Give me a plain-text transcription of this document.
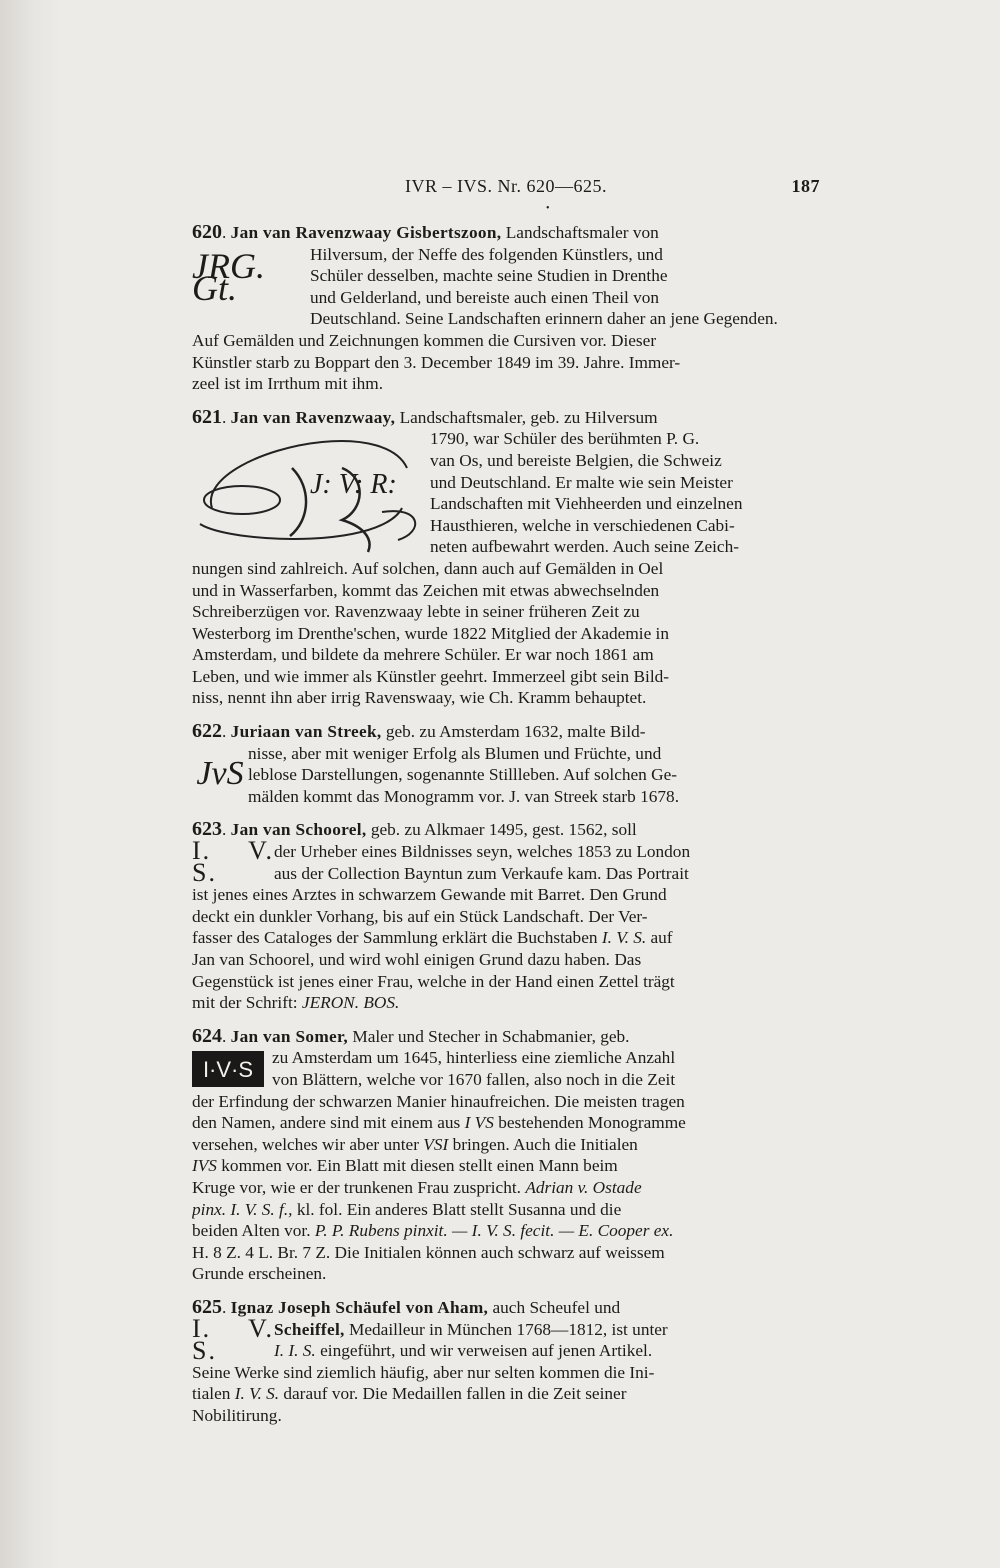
IVR – IVS. Nr. 620—625.	187
•
620. Jan van Ravenzwaay Gisbertszoon, Landschaftsmaler von
JRG. Gt.
Hilversum, der Neffe des folgenden Künstlers, und
Schüler desselben, machte seine Studien in Drenthe
und Gelderland, und bereiste auch einen Theil von
Deutschland. Seine Landschaften erinnern daher an jene Gegenden.
Auf Gemälden und Zeichnungen kommen die Cursiven vor. Dieser
Künstler starb zu Boppart den 3. December 1849 im 39. Jahre. Immer-
zeel ist im Irrthum mit ihm.
621. Jan van Ravenzwaay, Landschaftsmaler, geb. zu Hilversum
J: V: R:
1790, war Schüler des berühmten P. G.
van Os, und bereiste Belgien, die Schweiz
und Deutschland. Er malte wie sein Meister
Landschaften mit Viehheerden und einzelnen
Hausthieren, welche in verschiedenen Cabi-
neten aufbewahrt werden. Auch seine Zeich-
nungen sind zahlreich. Auf solchen, dann auch auf Gemälden in Oel
und in Wasserfarben, kommt das Zeichen mit etwas abwechselnden
Schreiberzügen vor. Ravenzwaay lebte in seiner früheren Zeit zu
Westerborg im Drenthe'schen, wurde 1822 Mitglied der Akademie in
Amsterdam, und bildete da mehrere Schüler. Er war noch 1861 am
Leben, und wie immer als Künstler geehrt. Immerzeel gibt sein Bild-
niss, nennt ihn aber irrig Ravenswaay, wie Ch. Kramm behauptet.
622. Juriaan van Streek, geb. zu Amsterdam 1632, malte Bild-
JvS
nisse, aber mit weniger Erfolg als Blumen und Früchte, und
leblose Darstellungen, sogenannte Stillleben. Auf solchen Ge-
mälden kommt das Monogramm vor. J. van Streek starb 1678.
623. Jan van Schoorel, geb. zu Alkmaer 1495, gest. 1562, soll
I. V. S.
der Urheber eines Bildnisses seyn, welches 1853 zu London
aus der Collection Bayntun zum Verkaufe kam. Das Portrait
ist jenes eines Arztes in schwarzem Gewande mit Barret. Den Grund
deckt ein dunkler Vorhang, bis auf ein Stück Landschaft. Der Ver-
fasser des Cataloges der Sammlung erklärt die Buchstaben I. V. S. auf
Jan van Schoorel, und wird wohl einigen Grund dazu haben. Das
Gegenstück ist jenes einer Frau, welche in der Hand einen Zettel trägt
mit der Schrift: JERON. BOS.
624. Jan van Somer, Maler und Stecher in Schabmanier, geb.
I·V·S	zu Amsterdam um 1645, hinterliess eine ziemliche Anzahl
von Blättern, welche vor 1670 fallen, also noch in die Zeit
der Erfindung der schwarzen Manier hinaufreichen. Die meisten tragen
den Namen, andere sind mit einem aus I VS bestehenden Monogramme
versehen, welches wir aber unter VSI bringen. Auch die Initialen
IVS kommen vor. Ein Blatt mit diesen stellt einen Mann beim
Kruge vor, wie er der trunkenen Frau zuspricht. Adrian v. Ostade
pinx. I. V. S. f., kl. fol. Ein anderes Blatt stellt Susanna und die
beiden Alten vor. P. P. Rubens pinxit. — I. V. S. fecit. — E. Cooper ex.
H. 8 Z. 4 L. Br. 7 Z. Die Initialen können auch schwarz auf weissem
Grunde erscheinen.
625. Ignaz Joseph Schäufel von Aham, auch Scheufel und
I. V. S.
Scheiffel, Medailleur in München 1768—1812, ist unter
I. I. S. eingeführt, und wir verweisen auf jenen Artikel.
Seine Werke sind ziemlich häufig, aber nur selten kommen die Ini-
tialen I. V. S. darauf vor. Die Medaillen fallen in die Zeit seiner
Nobilitirung.
